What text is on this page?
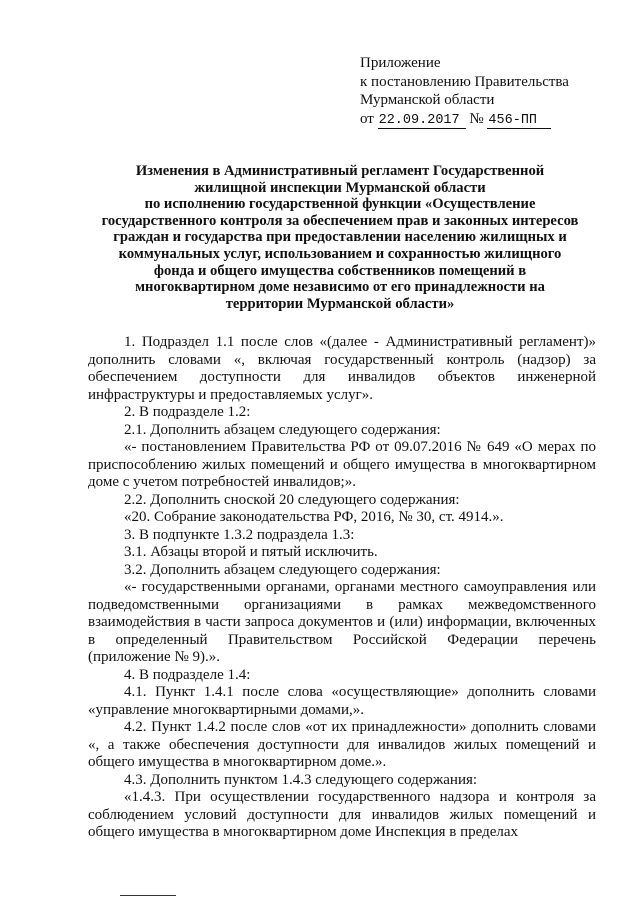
Приложение
к постановлению Правительства
Мурманской области
от 22.09.2017 № 456-ПП
Изменения в Административный регламент Государственной
жилищной инспекции Мурманской области
по исполнению государственной функции «Осуществление
государственного контроля за обеспечением прав и законных интересов
граждан и государства при предоставлении населению жилищных и
коммунальных услуг, использованием и сохранностью жилищного
фонда и общего имущества собственников помещений в
многоквартирном доме независимо от его принадлежности на
территории Мурманской области»

1. Подраздел 1.1 после слов «(далее - Административный регламент)» дополнить словами «, включая государственный контроль (надзор) за обеспечением доступности для инвалидов объектов инженерной инфраструктуры и предоставляемых услуг».

2. В подразделе 1.2:

2.1. Дополнить абзацем следующего содержания:

«- постановлением Правительства РФ от 09.07.2016 № 649 «О мерах по приспособлению жилых помещений и общего имущества в многоквартирном доме с учетом потребностей инвалидов;».

2.2. Дополнить сноской 20 следующего содержания:

«20. Собрание законодательства РФ, 2016, № 30, ст. 4914.».

3. В подпункте 1.3.2 подраздела 1.3:

3.1. Абзацы второй и пятый исключить.

3.2. Дополнить абзацем следующего содержания:

«- государственными органами, органами местного самоуправления или подведомственными организациями в рамках межведомственного взаимодействия в части запроса документов и (или) информации, включенных в определенный Правительством Российской Федерации перечень (приложение № 9).».

4. В подразделе 1.4:

4.1. Пункт 1.4.1 после слова «осуществляющие» дополнить словами «управление многоквартирными домами,».

4.2. Пункт 1.4.2 после слов «от их принадлежности» дополнить словами «, а также обеспечения доступности для инвалидов жилых помещений и общего имущества в многоквартирном доме.».

4.3. Дополнить пунктом 1.4.3 следующего содержания:

«1.4.3. При осуществлении государственного надзора и контроля за соблюдением условий доступности для инвалидов жилых помещений и общего имущества в многоквартирном доме Инспекция в пределах
